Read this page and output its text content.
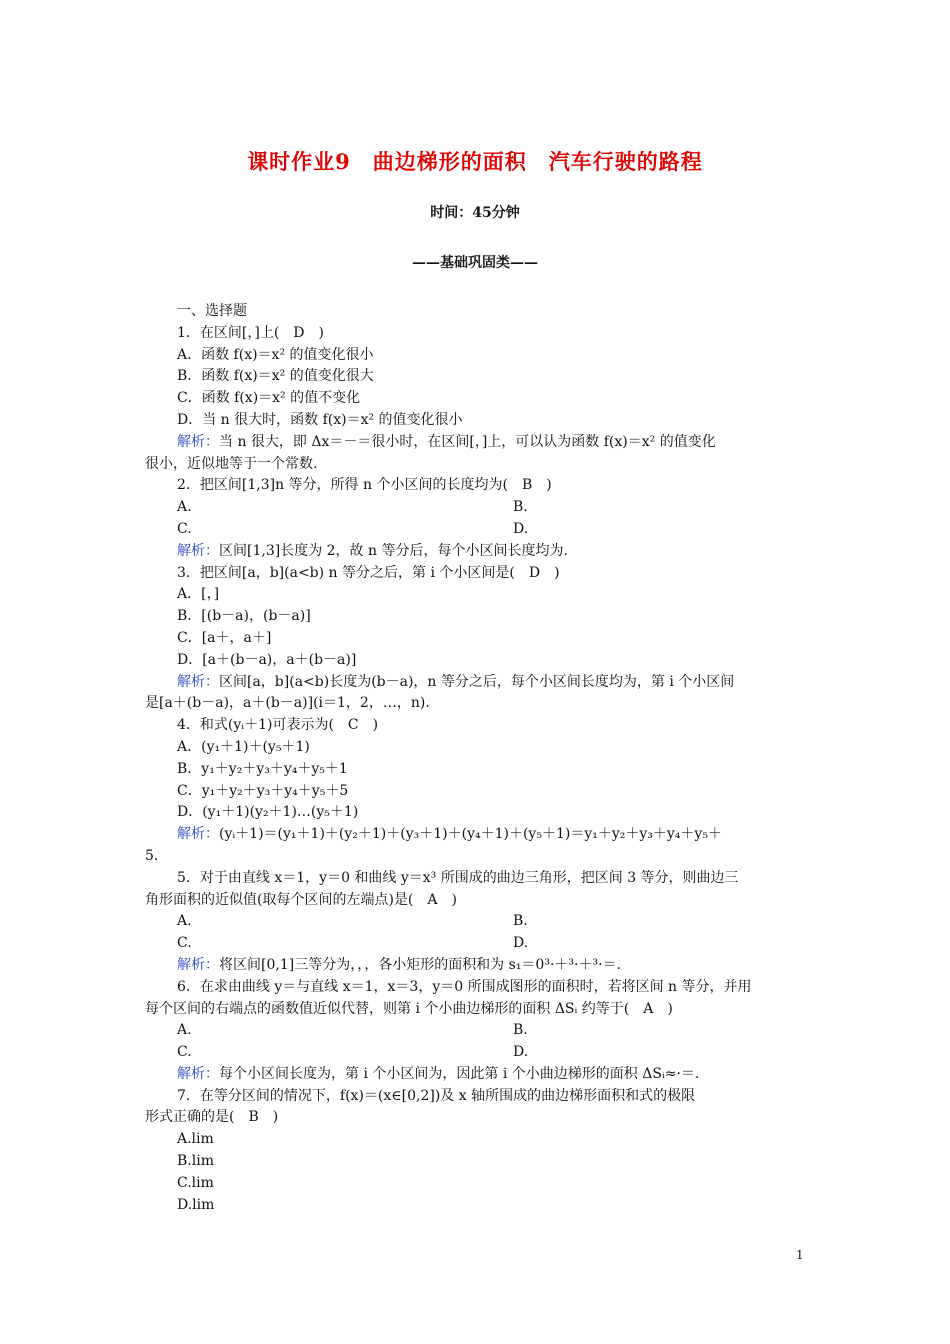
课时作业9　曲边梯形的面积　汽车行驶的路程
时间：45分钟
——基础巩固类——
一、选择题
1．在区间[，]上(　D　)
A．函数 f(x)＝x² 的值变化很小
B．函数 f(x)＝x² 的值变化很大
C．函数 f(x)＝x² 的值不变化
D．当 n 很大时，函数 f(x)＝x² 的值变化很小
解析：当 n 很大，即 Δx＝－＝很小时，在区间[，]上，可以认为函数 f(x)＝x² 的值变化
很小，近似地等于一个常数.
2．把区间[1,3]n 等分，所得 n 个小区间的长度均为(　B　)
A.	B.
C.	D.
解析：区间[1,3]长度为 2，故 n 等分后，每个小区间长度均为.
3．把区间[a，b](a<b) n 等分之后，第 i 个小区间是(　D　)
A．[，]
B．[(b－a)，(b－a)]
C．[a＋，a＋]
D．[a＋(b－a)，a＋(b－a)]
解析：区间[a，b](a<b)长度为(b－a)，n 等分之后，每个小区间长度均为，第 i 个小区间
是[a＋(b－a)，a＋(b－a)](i＝1，2，…，n).
4．和式(yᵢ＋1)可表示为(　C　)
A．(y₁＋1)＋(y₅＋1)
B．y₁＋y₂＋y₃＋y₄＋y₅＋1
C．y₁＋y₂＋y₃＋y₄＋y₅＋5
D．(y₁＋1)(y₂＋1)…(y₅＋1)
解析：(yᵢ＋1)＝(y₁＋1)＋(y₂＋1)＋(y₃＋1)＋(y₄＋1)＋(y₅＋1)＝y₁＋y₂＋y₃＋y₄＋y₅＋
5.
5．对于由直线 x＝1，y＝0 和曲线 y＝x³ 所围成的曲边三角形，把区间 3 等分，则曲边三
角形面积的近似值(取每个区间的左端点)是(　A　)
A.	B.
C.	D.
解析：将区间[0,1]三等分为，，，各小矩形的面积和为 s₁＝0³·＋³·＋³·＝.
6．在求由曲线 y＝与直线 x＝1，x＝3，y＝0 所围成图形的面积时，若将区间 n 等分，并用
每个区间的右端点的函数值近似代替，则第 i 个小曲边梯形的面积 ΔSᵢ 约等于(　A　)
A.	B.
C.	D.
解析：每个小区间长度为，第 i 个小区间为，因此第 i 个小曲边梯形的面积 ΔSᵢ≈·＝.
7．在等分区间的情况下，f(x)＝(x∈[0,2])及 x 轴所围成的曲边梯形面积和式的极限
形式正确的是(　B　)
A.lim
B.lim
C.lim
D.lim
1
